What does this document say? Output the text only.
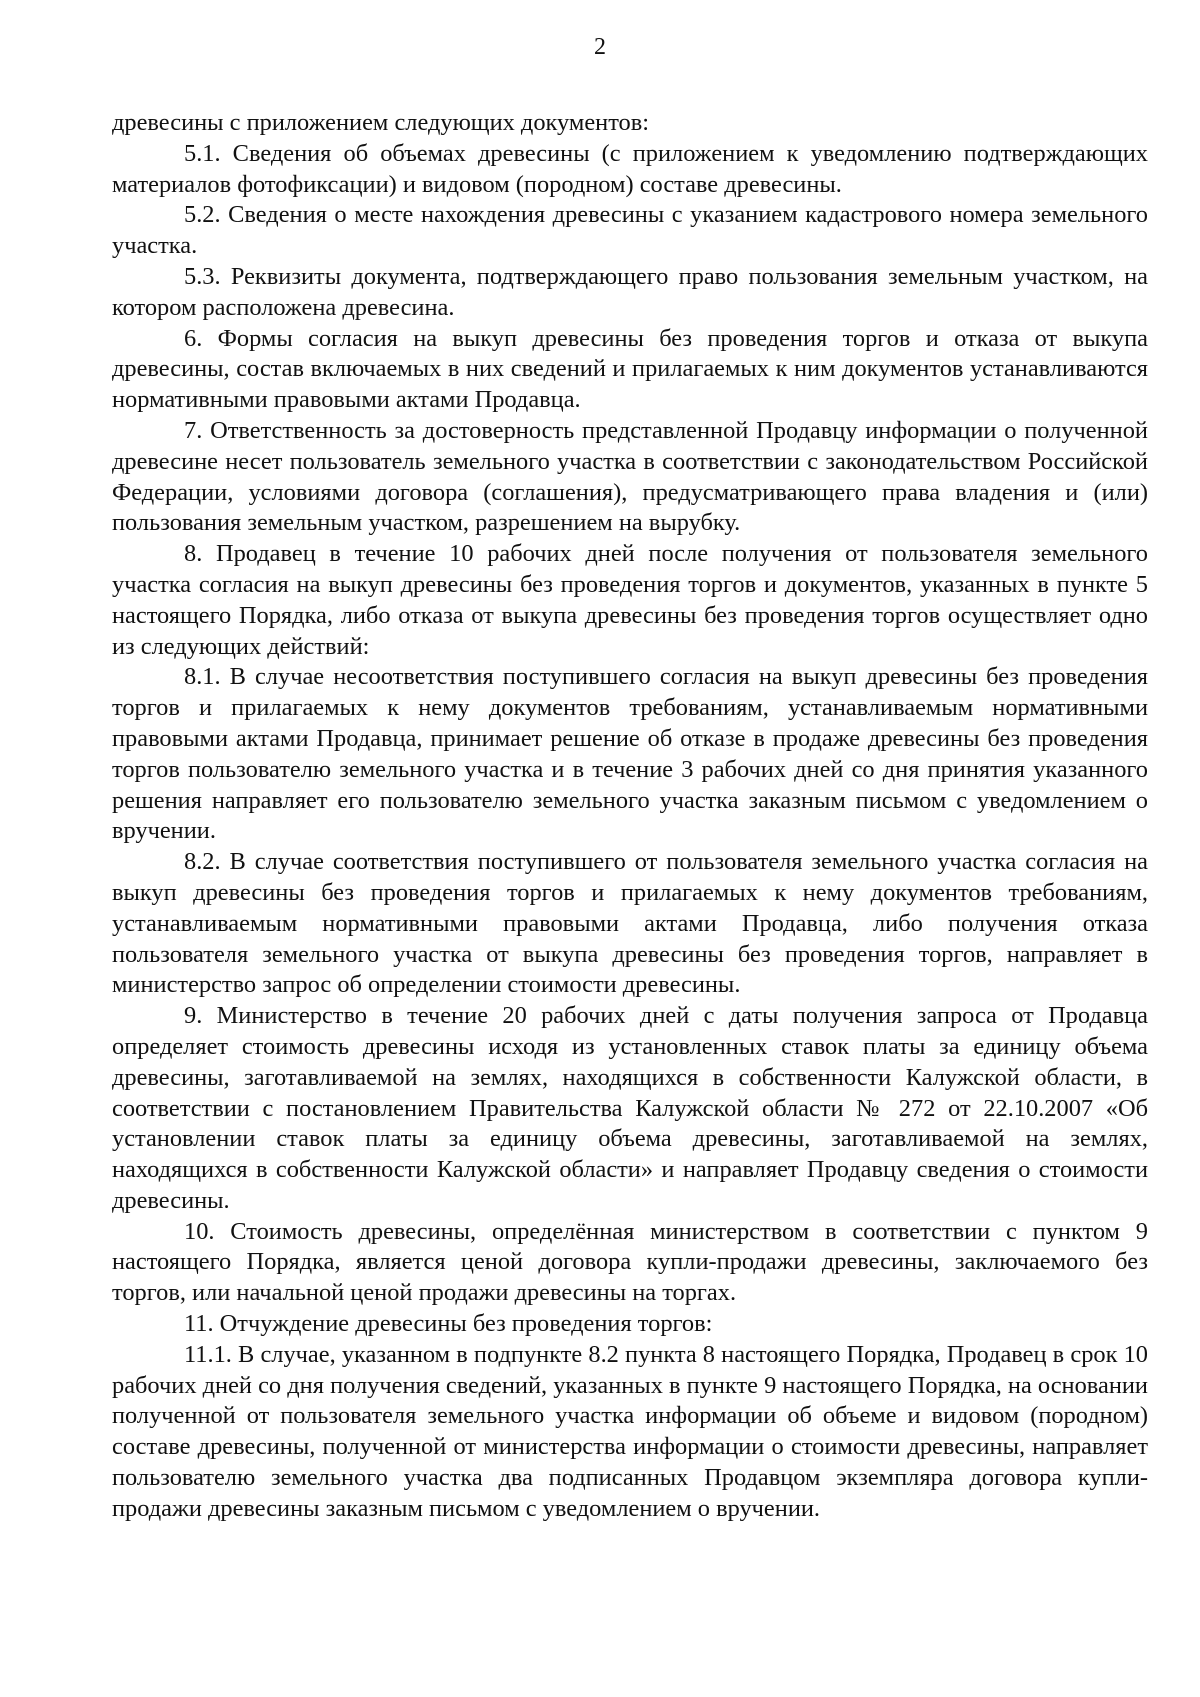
2

древесины с приложением следующих документов:

5.1. Сведения об объемах древесины (с приложением к уведомлению подтверждающих материалов фотофиксации) и видовом (породном) составе древесины.

5.2. Сведения о месте нахождения древесины с указанием кадастрового номера земельного участка.

5.3. Реквизиты документа, подтверждающего право пользования земельным участком, на котором расположена древесина.

6. Формы согласия на выкуп древесины без проведения торгов и отказа от выкупа древесины, состав включаемых в них сведений и прилагаемых к ним документов устанавливаются нормативными правовыми актами Продавца.

7. Ответственность за достоверность представленной Продавцу информации о полученной древесине несет пользователь земельного участка в соответствии с законодательством Российской Федерации, условиями договора (соглашения), предусматривающего права владения и (или) пользования земельным участком, разрешением на вырубку.

8. Продавец в течение 10 рабочих дней после получения от пользователя земельного участка согласия на выкуп древесины без проведения торгов и документов, указанных в пункте 5 настоящего Порядка, либо отказа от выкупа древесины без проведения торгов осуществляет одно из следующих действий:

8.1. В случае несоответствия поступившего согласия на выкуп древесины без проведения торгов и прилагаемых к нему документов требованиям, устанавливаемым нормативными правовыми актами Продавца, принимает решение об отказе в продаже древесины без проведения торгов пользователю земельного участка и в течение 3 рабочих дней со дня принятия указанного решения направляет его пользователю земельного участка заказным письмом с уведомлением о вручении.

8.2. В случае соответствия поступившего от пользователя земельного участка согласия на выкуп древесины без проведения торгов и прилагаемых к нему документов требованиям, устанавливаемым нормативными правовыми актами Продавца, либо получения отказа пользователя земельного участка от выкупа древесины без проведения торгов, направляет в министерство запрос об определении стоимости древесины.

9. Министерство в течение 20 рабочих дней с даты получения запроса от Продавца определяет стоимость древесины исходя из установленных ставок платы за единицу объема древесины, заготавливаемой на землях, находящихся в собственности Калужской области, в соответствии с постановлением Правительства Калужской области № 272 от 22.10.2007 «Об установлении ставок платы за единицу объема древесины, заготавливаемой на землях, находящихся в собственности Калужской области» и направляет Продавцу сведения о стоимости древесины.

10. Стоимость древесины, определённая министерством в соответствии с пунктом 9 настоящего Порядка, является ценой договора купли-продажи древесины, заключаемого без торгов, или начальной ценой продажи древесины на торгах.

11. Отчуждение древесины без проведения торгов:

11.1. В случае, указанном в подпункте 8.2 пункта 8 настоящего Порядка, Продавец в срок 10 рабочих дней со дня получения сведений, указанных в пункте 9 настоящего Порядка, на основании полученной от пользователя земельного участка информации об объеме и видовом (породном) составе древесины, полученной от министерства информации о стоимости древесины, направляет пользователю земельного участка два подписанных Продавцом экземпляра договора купли-продажи древесины заказным письмом с уведомлением о вручении.
